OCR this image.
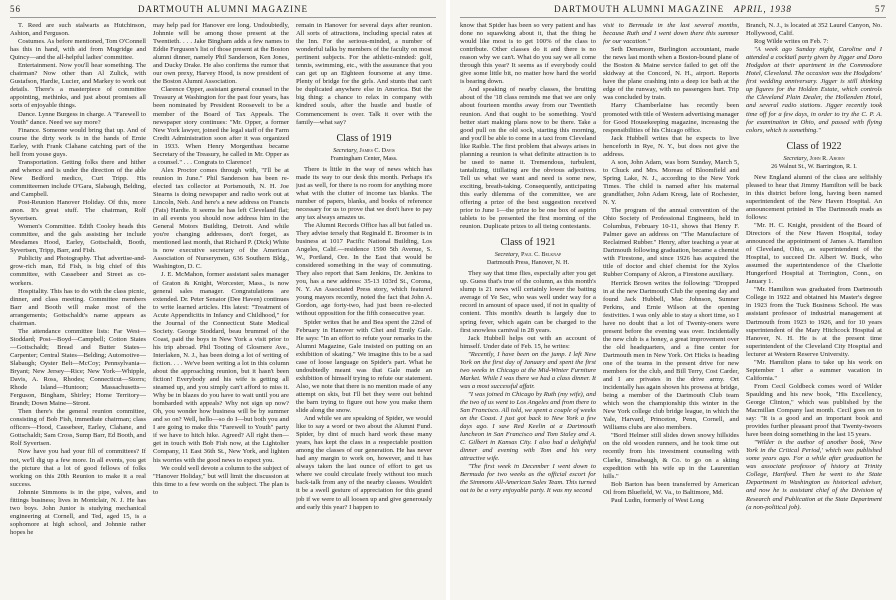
56	DARTMOUTH ALUMNI MAGAZINE

T. Reed are such stalwarts as Hutchinson, Ashton, and Ferguson.

Costumes. As before mentioned, Tom O'Connell has this in hand, with aid from Mugridge and Quincy—and the all-helpful ladies' committee.

Entertainment. Now you'll hear something. The chairman? Now other than Al Zulick, with Gustafson, Hardie, Lucier, and Markey to work out details. There's a masterpiece of committee appointing, methinks, and just about promises all sorts of enjoyable things.

Dance. Lynne Burgess in charge. A "Farewell to Youth" dance. Need we say more?

Finance. Someone would bring that up. And of course the dirty work is in the hands of Ernie Earley, with Frank Clahane catching part of the hell from youse guys.

Transportation. Getting folks there and hither and whence and is under the direction of the able New Bedford medico, Curt Tripp. His committeemen include O'Gara, Slabaugh, Belding, and Campbell.

Post-Reunion Hanover Holiday. Of this, more anon. It's great stuff. The chairman, Rolf Syvertsen.

Women's Committee. Edith Cooley heads this committee, and the gals assisting her include Mesdames Hood, Earley, Gottschaldt, Booth, Syvertsen, Tripp, Barr, and Fish.

Publicity and Photography. That advertise-and-grow-rich man, Ed Fish, is big chief of this committee, with Cassebeer and Street as co-workers.

Hospitality. This has to do with the class picnic, dinner, and class meeting. Committee members Barr and Booth will make most of the arrangements; Gottschaldt's name appears as chairman.

The attendance committee lists: Far West—Stoddard; Post—Boyd—Campbell; Cotton States—Gottschaldt; Bread and Butter States—Carpenter; Central States—Belding; Automotive—Slabaugh; Oyster Belt—McCoy; Pennsylvania—Bryant; New Jersey—Rice; New York—Whipple, Davis, A. Ross, Rhodes; Connecticut—Storrs; Rhode Island—Huntoon; Massachusetts—Ferguson, Bingham, Shirley; Home Territory—Brandt; Down Maine—Stront.

Then there's the general reunion committee, consisting of Bob Fish, immediate chairman; class officers—Hood, Cassebeer, Earley, Clahane, and Gottschaldt; Sam Cross, Sump Barr, Ed Booth, and Rolf Syvertsen.

Now have you had your fill of committees? If not, we'll dig up a few more. In all events, you get the picture that a lot of good fellows of folks working on this 20th Reunion to make it a real success.

Johnnie Simmons is in the pipe, valves, and fittings business; lives in Montclair, N. J. He has two boys. John Junior is studying mechanical engineering at Cornell, and Ted, aged 15, is a sophomore at high school, and Johnnie rather hopes he

may help pad for Hanover ere long. Undoubtedly, Johnnie will be among those present at the Twentieth. . . . Jake Bingham adds a few names to Eddie Ferguson's list of those present at the Boston alumni dinner, namely Phil Sanderson, Ken Jones, and Ducky Drake. He also confirms the rumor that our own prexy, Harvey Hood, is now president of the Boston Alumni Association.

Clarence Opper, assistant general counsel in the Treasury at Washington for the past four years, has been nominated by President Roosevelt to be a member of the Board of Tax Appeals. The newspaper story continues: "Mr. Opper, a former New York lawyer, joined the legal staff of the Farm Credit Administration soon after it was organized in 1933. When Henry Morgenthau became Secretary of the Treasury, he called in Mr. Opper as a counsel." . . . Congrats to Clarence!

Alex Proctor comes through with, "I'll be at reunion in June." Phil Sanderson has been re-elected tax collector at Portsmouth, N. H. Joe Stearns is doing newspaper and radio work out at Lincoln, Neb. And here's a new address on Francis (Fats) Hardie. It seems he has left Cleveland flat; in all events you should now address him in the General Motors Building, Detroit. And while you're changing addresses, don't forget, as mentioned last month, that Richard P. (Dick) White is now executive secretary of the American Association of Nurserymen, 636 Southern Bldg., Washington, D. C.

J. E. McMahon, former assistant sales manager of Graton & Knight, Worcester, Mass., is now general sales manager. Congratulations are extended. Dr. Peter Senator (Dee Haven) continues to write learned articles. His latest: "Treatment of Acute Appendicitis in Infancy and Childhood," for the Journal of the Connecticut State Medical Society. George Stoddard, beau brummel of the Coast, paid the boys in New York a visit prior to his trip abroad. Phil Tooting of Glosmere Ave., Interlaken, N. J., has been doing a lot of writing of fiction. . . . We've been writing a lot in this column about the approaching reunion, but it hasn't been fiction! Everybody and his wife is getting all steamed up, and you simply can't afford to miss it. Why be in blazes do you have to wait until you are bombarded with appeals? Why not sign up now? Oh, you wonder how business will be by summer and so on? Well, hello—so do I—but both you and I are going to make this "Farewell to Youth" party if we have to hitch hike. Agreed? All right then—get in touch with Bob Fish now, at the Lightolier Company, 11 East 36th St., New York, and lighten his worries with the good news to expect you.

We could well devote a column to the subject of "Hanover Holiday," but will limit the discussion at this time to a few words on the subject. The plan is to

remain in Hanover for several days after reunion. All sorts of attractions, including special rates at the Inn. For the serious-minded, a number of wonderful talks by members of the faculty on most pertinent subjects. For the athletic-minded: golf, tennis, swimming, etc., with the assurance that you can get up an Eighteen foursome at any time. Plenty of bridge for the girls. And stunts that can't be duplicated anywhere else in America. But the big thing: a chance to relax in company with kindred souls, after the hustle and bustle of Commencement is over. Talk it over with the family—what say?

Class of 1919
Secretary, James C. Davis
Framingham Center, Mass.

There is little in the way of news which has made its way to our desk this month. Perhaps it's just as well, for there is no room for anything more what with the clutter of income tax blanks. The number of papers, blanks, and books of reference necessary for us to prove that we don't have to pay any tax always amazes us.

The Alumni Records Office has all but failed us. They advise tersely that Reginald E. Broomer is in business at 1017 Pacific National Building, Los Angeles, Calif.—residence 1590 5th Avenue, S. W., Portland, Ore. In the East that would be considered something in the way of commuting. They also report that Sam Jenkins, Dr. Jenkins to you, has a new address: 35-13 103rd St., Corona, N. Y. An Associated Press story, which featured young mayors recently, noted the fact that John A. Gordon, age forty-two, had just been re-elected without opposition for the fifth consecutive year.

Spider writes that he and Bea spent the 22nd of February in Hanover with Chet and Emily Gale. He says: "In an effort to refute your remarks in the Alumni Magazine, Gale insisted on putting on an exhibition of skating." We imagine this to be a sad case of loose language on Spider's part. What he undoubtedly meant was that Gale made an exhibition of himself trying to refute our statement. Also, we note that there is no mention made of any attempt on skis, but I'll bet they were out behind the barn trying to figure out how you make them slide along the snow.

And while we are speaking of Spider, we would like to say a word or two about the Alumni Fund. Spider, by dint of much hard work these many years, has kept the class in a respectable position among the classes of our generation. He has never had any margin to work on, however, and it has always taken the last ounce of effort to get us where we could circulate freely without too much back-talk from any of the nearby classes. Wouldn't it be a swell gesture of appreciation for this grand job if we were to all loosen up and give generously and early this year? I happen to

DARTMOUTH ALUMNI MAGAZINE APRIL, 1938	57

know that Spider has been so very patient and has done no squawking about it, that the thing he would like most is to get 100% of the class to contribute. Other classes do it and there is no reason why we can't. What do you say we all come through this year? It seems as if everybody could give some little bit, no matter how hard the world is bearing down.

And speaking of nearby classes, the bruiting about of the '18 class reminds me that we are only about fourteen months away from our Twentieth reunion. And that ought to be something. You'd better start making plans now to be there. Take a good pull on the old sock, starting this morning, and you'll be able to come in a taxi from Cleveland like Raible. The first problem that always arises in planning a reunion is what definite attraction is to be used to name it. Tremendous, turbulent, tantalizing, titillating are the obvious adjectives. Tell us what we want and need is some new, exciting, breath-taking. Consequently, anticipating this early dilemma of the committee, we are offering a prize of the best suggestion received prior to June 1—the prize to be one box of aspirin tablets to be presented the first morning of the reunion. Duplicate prizes to all tieing contestants.

Class of 1921
Secretary, Paul C. Belknap
Dartmouth Press, Hanover, N. H.

They say that time flies, especially after you get up. Guess that's true of the column, as this month's slump is 21 news will certainly lower the batting average of Ye Sec, who was well under way for a record in amount of space used, if not in quality of content. This month's dearth is largely due to spring fever, which again can be charged to the first snowless carnival in 28 years.

Jack Hubbell helps out with an account of himself. Under date of Feb. 15, he writes:

"Recently, I have been on the jump. I left New York on the first day of January and spent the first two weeks in Chicago at the Mid-Winter Furniture Market. While I was there we had a class dinner. It was a most successful affair.

"I was joined in Chicago by Ruth (my wife), and the two of us went to Los Angeles and from there to San Francisco. All told, we spent a couple of weeks on the Coast. I just got back to New York a few days ago. I saw Red Keelin at a Dartmouth luncheon in San Francisco and Tom Staley and A. C. Gilbert in Kansas City. I also had a delightful dinner and evening with Tom and his very attractive wife.

"The first week in December I went down to Bermuda for two weeks as the official escort for the Simmons All-American Sales Team. This turned out to be a very enjoyable party. It was my second

visit to Bermuda in the last several months, because Ruth and I went down there this summer for our vacation."

Seth Densmore, Burlington accountant, made the news last month when a Boston-bound plane of the Boston & Maine service failed to get off the skidway at the Concord, N. H., airport. Reports have the plane crashing into a deep ice bath at the edge of the runway, with no passengers hurt. Trip was concluded by train.

Harry Chamberlaine has recently been promoted with title of Western advertising manager for Good Housekeeping magazine, increasing the responsibilities of his Chicago office.

Jack Hubbell writes that he expects to live henceforth in Rye, N. Y., but does not give the address.

A son, John Adam, was born Sunday, March 5, to Chuck and Mrs. Moreau of Bloomfield and Spring Lake, N. J., according to the New York Times. The child is named after his maternal grandfather, John Adam Kresg, late of Rochester, N. Y.

The program of the annual convention of the Ohio Society of Professional Engineers, held in Columbus, February 10-11, shows that Henry F. Palmer gave an address on "The Manufacture of Reclaimed Rubber." Henry, after teaching a year at Dartmouth following graduation, became a chemist with Firestone, and since 1926 has acquired the title of doctor and chief chemist for the Xylos Rubber Company of Akron, a Firestone auxiliary.

Herrick Brown writes the following: "Dropped in at the new Dartmouth Club the opening day and found Jack Hubbell, Mac Johnson, Sumner Perkins, and Ernie Wilson at the opening festivities. I was only able to stay a short time, so I have no doubt that a lot of Twenty-oners were present before the evening was over. Incidentally the new club is a honey, a great improvement over the old headquarters, and a fine center for Dartmouth men in New York. Ort Hicks is heading one of the teams in the present drive for new members for the club, and Bill Terry, Cost Carder, and I are privates in the drive army. Ort incidentally has again shown his prowess at bridge, being a member of the Dartmouth Club team which won the championship this winter in the New York college club bridge league, in which the Yale, Harvard, Princeton, Penn, Cornell, and Williams clubs are also members.

"Bord Helmer still slides down snowy hillsides on the old wooden runners, and he took time out recently from his investment counseling with Clarke, Sinsabaugh, & Co. to go on a skiing expedition with his wife up in the Laurentian hills."

Bob Barton has been transferred by American Oil from Bluefield, W. Va., to Baltimore, Md.

Paul Ludin, formerly of West Long

Branch, N. J., is located at 352 Laurel Canyon, No. Hollywood, Calif.

Rog Wilde writes on Feb. 7:

"A week ago Sunday night, Caroline and I attended a cocktail party given by Jigger and Doro Hodgdon at their apartment in the Commodore Hotel, Cleveland. The occasion was the Hodgdons' first wedding anniversary. Jigger is still thinking up figures for the Holden Estate, which controls the Cleveland Plain Dealer, the Hollenden Hotel, and several radio stations. Jigger recently took time off for a few days, in order to try the C. P. A. for examination in Ohio, and passed with flying colors, which is something."

Class of 1922
Secretary, John R. Aborn
26 Walnut St., W. Barrington, R. I.

New England alumni of the class are selfishly pleased to hear that Jimmy Hamilton will be back in this district before long, having been named superintendent of the New Haven Hospital. An announcement printed in The Dartmouth reads as follows:

"Mr. H. C. Knight, president of the Board of Directors of the New Haven Hospital, today announced the appointment of James A. Hamilton of Cleveland, Ohio, as superintendent of the Hospital, to succeed Dr. Albert W. Buck, who assumed the superintendence of the Charlotte Hungerford Hospital at Torrington, Conn., on January 1.

"Mr. Hamilton was graduated from Dartmouth College in 1922 and obtained his Master's degree in 1923 from the Tuck Business School. He was assistant professor of industrial management at Dartmouth from 1923 to 1926, and for 10 years superintendent of the Mary Hitchcock Hospital at Hanover, N. H. He is at the present time superintendent of the Cleveland City Hospital and lecturer at Western Reserve University.

"Mr. Hamilton plans to take up his work on September 1 after a summer vacation in California."

From Cecil Goldbeck comes word of Wilder Spaulding and his new book, "His Excellency, George Clinton," which was published by the Macmillan Company last month. Cecil goes on to say: "It is a good and an important book and provides further pleasant proof that Twenty-twoers have been doing something in the last 15 years.

"Wilder is the author of another book, 'New York in the Critical Period,' which was published some years ago. For a while after graduation he was associate professor of history at Trinity College, Hartford. Then he went to the State Department in Washington as historical adviser, and now he is assistant chief of the Division of Research and Publication at the State Department (a non-political job).
